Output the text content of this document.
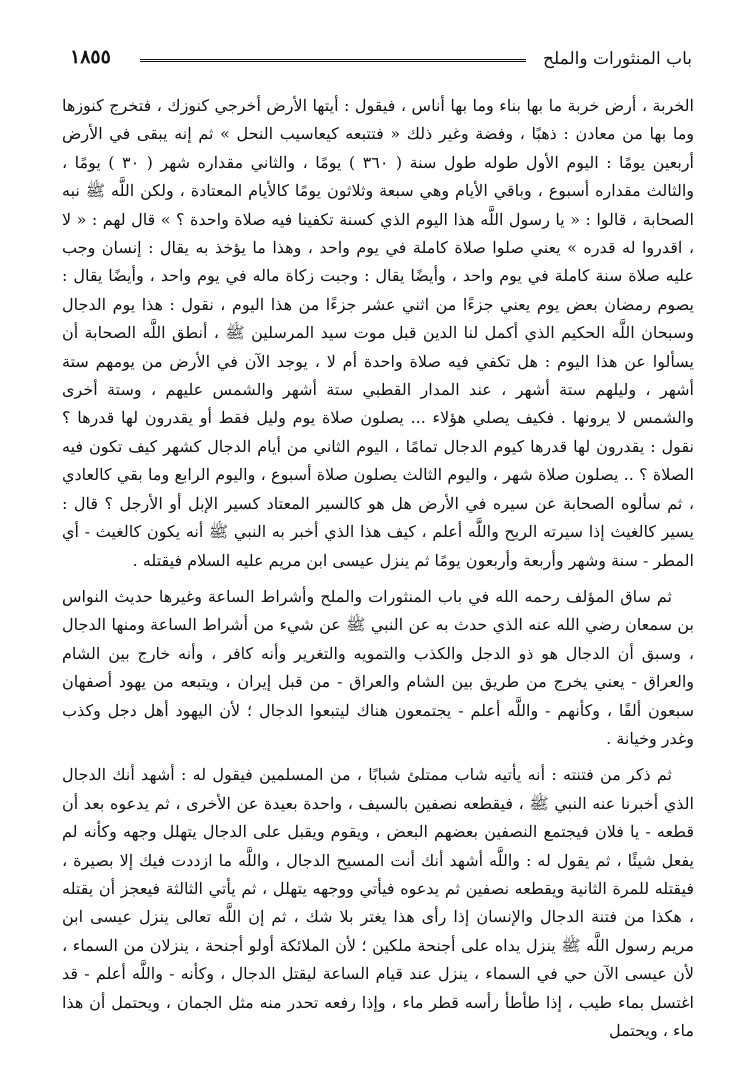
باب المنثورات والملح
١٨٥٥

الخربة ، أرض خربة ما بها بناء وما بها أناس ، فيقول : أيتها الأرض أخرجي كنوزك ، فتخرج كنوزها وما بها من معادن : ذهبًا ، وفضة وغير ذلك « فتتبعه كيعاسيب النحل » ثم إنه يبقى في الأرض أربعين يومًا : اليوم الأول طوله طول سنة ( ٣٦٠ ) يومًا ، والثاني مقداره شهر ( ٣٠ ) يومًا ، والثالث مقداره أسبوع ، وباقي الأيام وهي سبعة وثلاثون يومًا كالأيام المعتادة ، ولكن اللَّه ﷺ نبه الصحابة ، قالوا : « يا رسول اللَّه هذا اليوم الذي كسنة تكفينا فيه صلاة واحدة ؟ » قال لهم : « لا ، اقدروا له قدره » يعني صلوا صلاة كاملة في يوم واحد ، وهذا ما يؤخذ به يقال : إنسان وجب عليه صلاة سنة كاملة في يوم واحد ، وأيضًا يقال : وجبت زكاة ماله في يوم واحد ، وأيضًا يقال : يصوم رمضان بعض يوم يعني جزءًا من اثني عشر جزءًا من هذا اليوم ، نقول : هذا يوم الدجال وسبحان اللَّه الحكيم الذي أكمل لنا الدين قبل موت سيد المرسلين ﷺ ، أنطق اللَّه الصحابة أن يسألوا عن هذا اليوم : هل تكفي فيه صلاة واحدة أم لا ، يوجد الآن في الأرض من يومهم ستة أشهر ، وليلهم ستة أشهر ، عند المدار القطبي ستة أشهر والشمس عليهم ، وستة أخرى والشمس لا يرونها . فكيف يصلي هؤلاء ... يصلون صلاة يوم وليل فقط أو يقدرون لها قدرها ؟ نقول : يقدرون لها قدرها كيوم الدجال تمامًا ، اليوم الثاني من أيام الدجال كشهر كيف تكون فيه الصلاة ؟ .. يصلون صلاة شهر ، واليوم الثالث يصلون صلاة أسبوع ، واليوم الرابع وما بقي كالعادي ، ثم سألوه الصحابة عن سيره في الأرض هل هو كالسير المعتاد كسير الإبل أو الأرجل ؟ قال : يسير كالغيث إذا سيرته الريح واللَّه أعلم ، كيف هذا الذي أخبر به النبي ﷺ أنه يكون كالغيث - أي المطر - سنة وشهر وأربعة وأربعون يومًا ثم ينزل عيسى ابن مريم عليه السلام فيقتله .

ثم ساق المؤلف رحمه الله في باب المنثورات والملح وأشراط الساعة وغيرها حديث النواس بن سمعان رضي الله عنه الذي حدث به عن النبي ﷺ عن شيء من أشراط الساعة ومنها الدجال ، وسبق أن الدجال هو ذو الدجل والكذب والتمويه والتغرير وأنه كافر ، وأنه خارج بين الشام والعراق - يعني يخرج من طريق بين الشام والعراق - من قبل إيران ، ويتبعه من يهود أصفهان سبعون ألفًا ، وكأنهم - واللَّه أعلم - يجتمعون هناك ليتبعوا الدجال ؛ لأن اليهود أهل دجل وكذب وغدر وخيانة .

ثم ذكر من فتنته : أنه يأتيه شاب ممتلئ شبابًا ، من المسلمين فيقول له : أشهد أنك الدجال الذي أخبرنا عنه النبي ﷺ ، فيقطعه نصفين بالسيف ، واحدة بعيدة عن الأخرى ، ثم يدعوه بعد أن قطعه - يا فلان فيجتمع النصفين بعضهم البعض ، ويقوم ويقبل على الدجال يتهلل وجهه وكأنه لم يفعل شيئًا ، ثم يقول له : واللَّه أشهد أنك أنت المسيح الدجال ، واللَّه ما ازددت فيك إلا بصيرة ، فيقتله للمرة الثانية ويقطعه نصفين ثم يدعوه فيأتي ووجهه يتهلل ، ثم يأتي الثالثة فيعجز أن يقتله ، هكذا من فتنة الدجال والإنسان إذا رأى هذا يغتر بلا شك ، ثم إن اللَّه تعالى ينزل عيسى ابن مريم رسول اللَّه ﷺ ينزل يداه على أجنحة ملكين ؛ لأن الملائكة أولو أجنحة ، ينزلان من السماء ، لأن عيسى الآن حي في السماء ، ينزل عند قيام الساعة ليقتل الدجال ، وكأنه - واللَّه أعلم - قد اغتسل بماء طيب ، إذا طأطأ رأسه قطر ماء ، وإذا رفعه تحدر منه مثل الجمان ، ويحتمل أن هذا ماء ، ويحتمل
